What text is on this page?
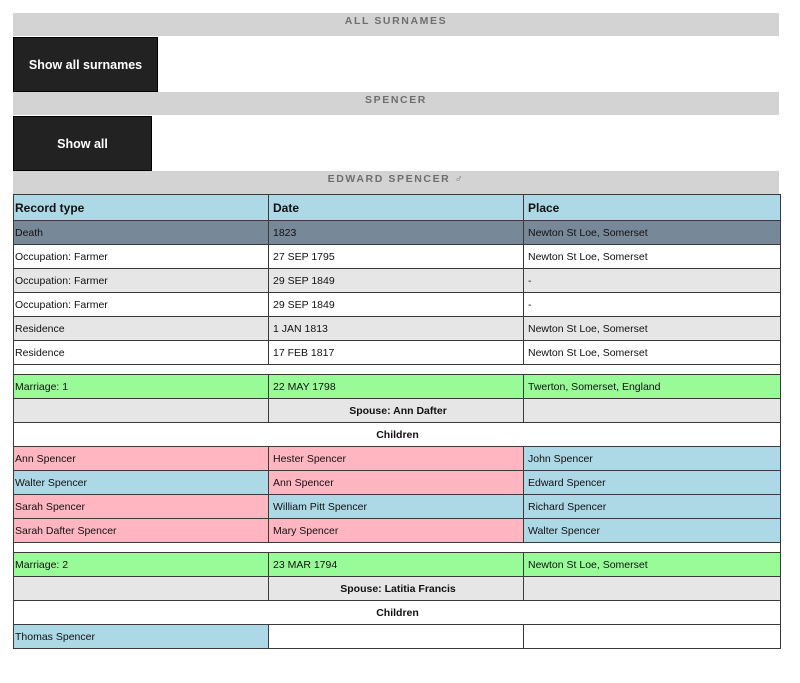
ALL SURNAMES
Show all surnames
SPENCER
Show all
EDWARD SPENCER ♂
Record type	Date	Place
Death	1823	Newton St Loe, Somerset
Occupation: Farmer	27 SEP 1795	Newton St Loe, Somerset
Occupation: Farmer	29 SEP 1849	-
Occupation: Farmer	29 SEP 1849	-
Residence	1 JAN 1813	Newton St Loe, Somerset
Residence	17 FEB 1817	Newton St Loe, Somerset

Marriage: 1	22 MAY 1798	Twerton, Somerset, England
	Spouse: Ann Dafter	
Children		
Ann Spencer	Hester Spencer	John Spencer
Walter Spencer	Ann Spencer	Edward Spencer
Sarah Spencer	William Pitt Spencer	Richard Spencer
Sarah Dafter Spencer	Mary Spencer	Walter Spencer

Marriage: 2	23 MAR 1794	Newton St Loe, Somerset
	Spouse: Latitia Francis	
Children		
Thomas Spencer		
